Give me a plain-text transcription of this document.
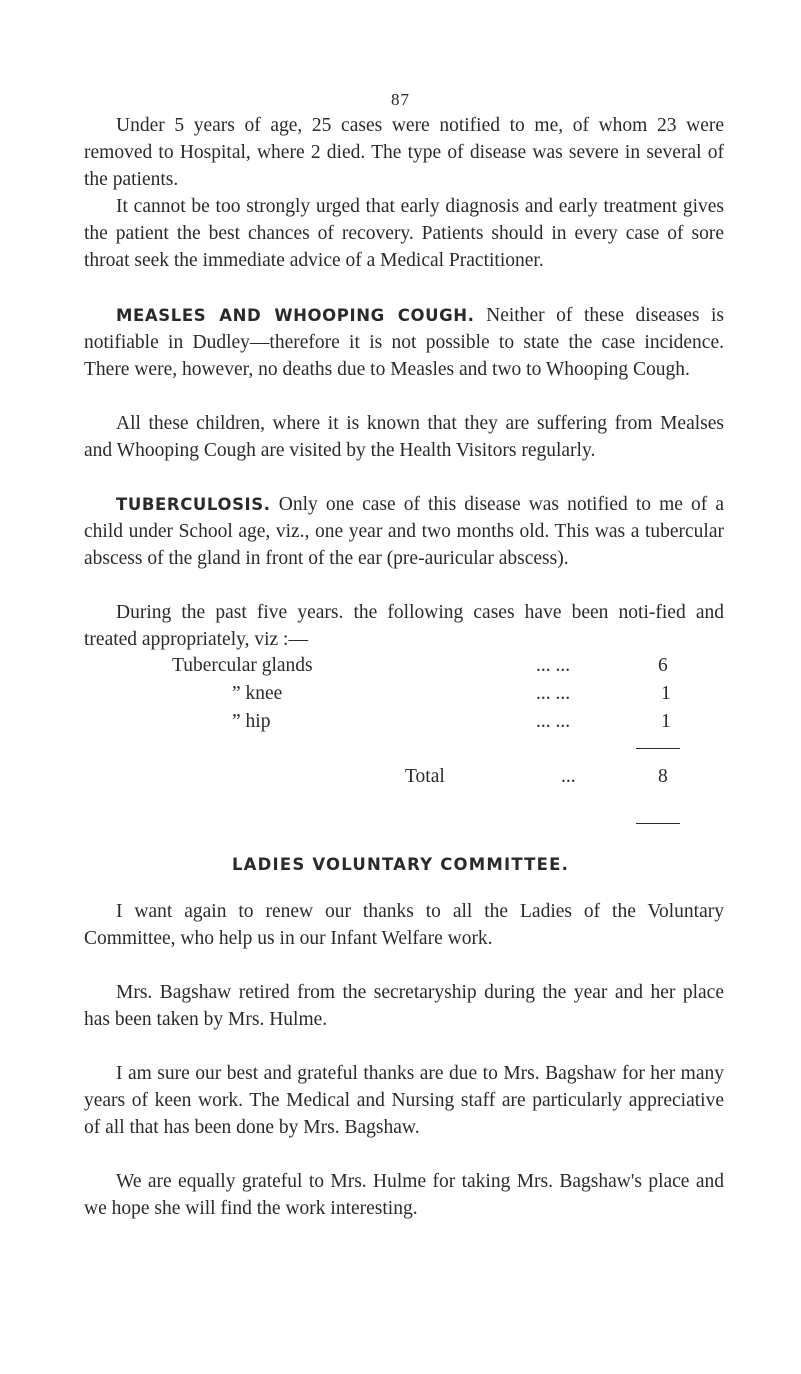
87

Under 5 years of age, 25 cases were notified to me, of whom 23 were removed to Hospital, where 2 died. The type of disease was severe in several of the patients.

It cannot be too strongly urged that early diagnosis and early treatment gives the patient the best chances of recovery. Patients should in every case of sore throat seek the immediate advice of a Medical Practitioner.

MEASLES AND WHOOPING COUGH. Neither of these diseases is notifiable in Dudley—therefore it is not possible to state the case incidence. There were, however, no deaths due to Measles and two to Whooping Cough.

All these children, where it is known that they are suffering from Mealses and Whooping Cough are visited by the Health Visitors regularly.

TUBERCULOSIS. Only one case of this disease was notified to me of a child under School age, viz., one year and two months old. This was a tubercular abscess of the gland in front of the ear (pre-auricular abscess).

During the past five years. the following cases have been noti-fied and treated appropriately, viz :—

Tubercular glands	... ...	6
” knee	... ...	1
” hip	... ...	1
Total	...	8
LADIES VOLUNTARY COMMITTEE.

I want again to renew our thanks to all the Ladies of the Voluntary Committee, who help us in our Infant Welfare work.

Mrs. Bagshaw retired from the secretaryship during the year and her place has been taken by Mrs. Hulme.

I am sure our best and grateful thanks are due to Mrs. Bagshaw for her many years of keen work. The Medical and Nursing staff are particularly appreciative of all that has been done by Mrs. Bagshaw.

We are equally grateful to Mrs. Hulme for taking Mrs. Bagshaw's place and we hope she will find the work interesting.
